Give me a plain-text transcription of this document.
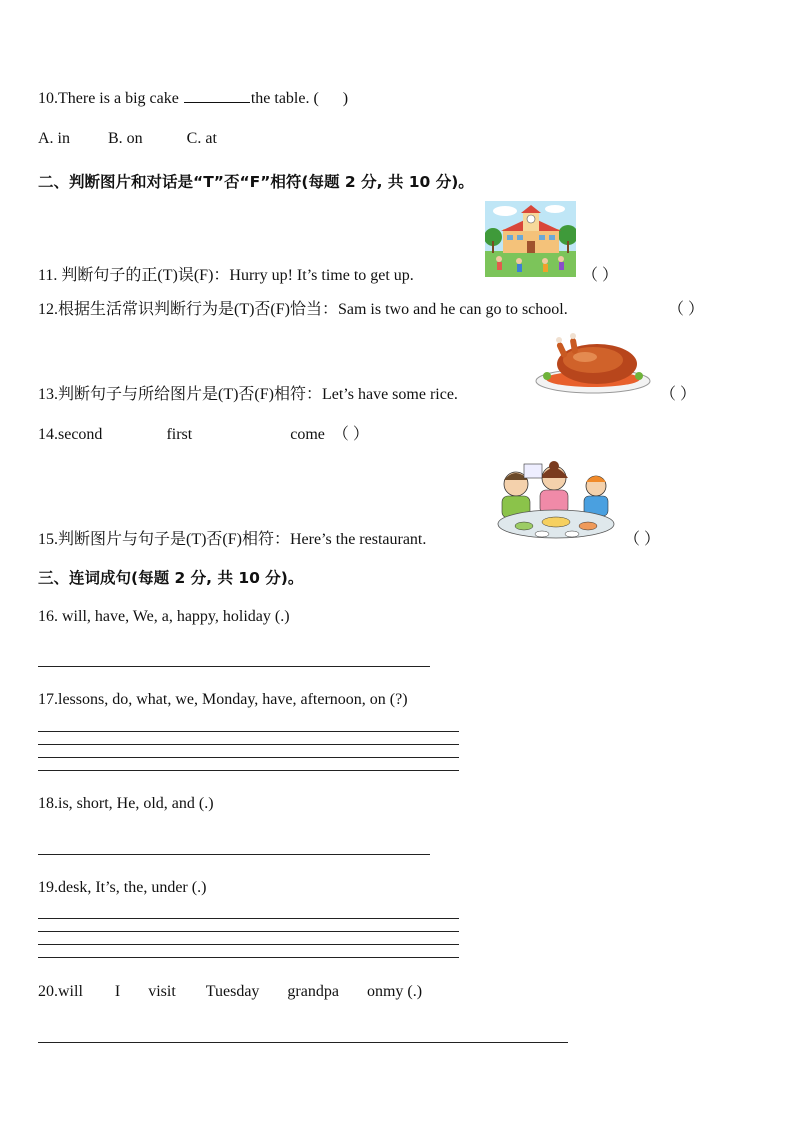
10.There is a big cake	the table. ( )
A. in B. on	C. at
二、判断图片和对话是“T”否“F”相符(每题 2 分, 共 10 分)。
11. 判断句子的正(T)误(F)：Hurry up! It’s time to get up.	（ ）
12.根据生活常识判断行为是(T)否(F)恰当：Sam is two and he can go to school.	（ ）
13.判断句子与所给图片是(T)否(F)相符：Let’s have some rice.	（ ）
14.second	first	come （ ）
15.判断图片与句子是(T)否(F)相符：Here’s the restaurant.	（ ）
三、连词成句(每题 2 分, 共 10 分)。
16. will, have, We, a, happy, holiday (.)
17.lessons, do, what, we, Monday, have, afternoon, on (?)
18.is, short, He, old, and (.)
19.desk, It’s, the, under (.)
20.will I visit Tuesday grandpa onmy (.)
